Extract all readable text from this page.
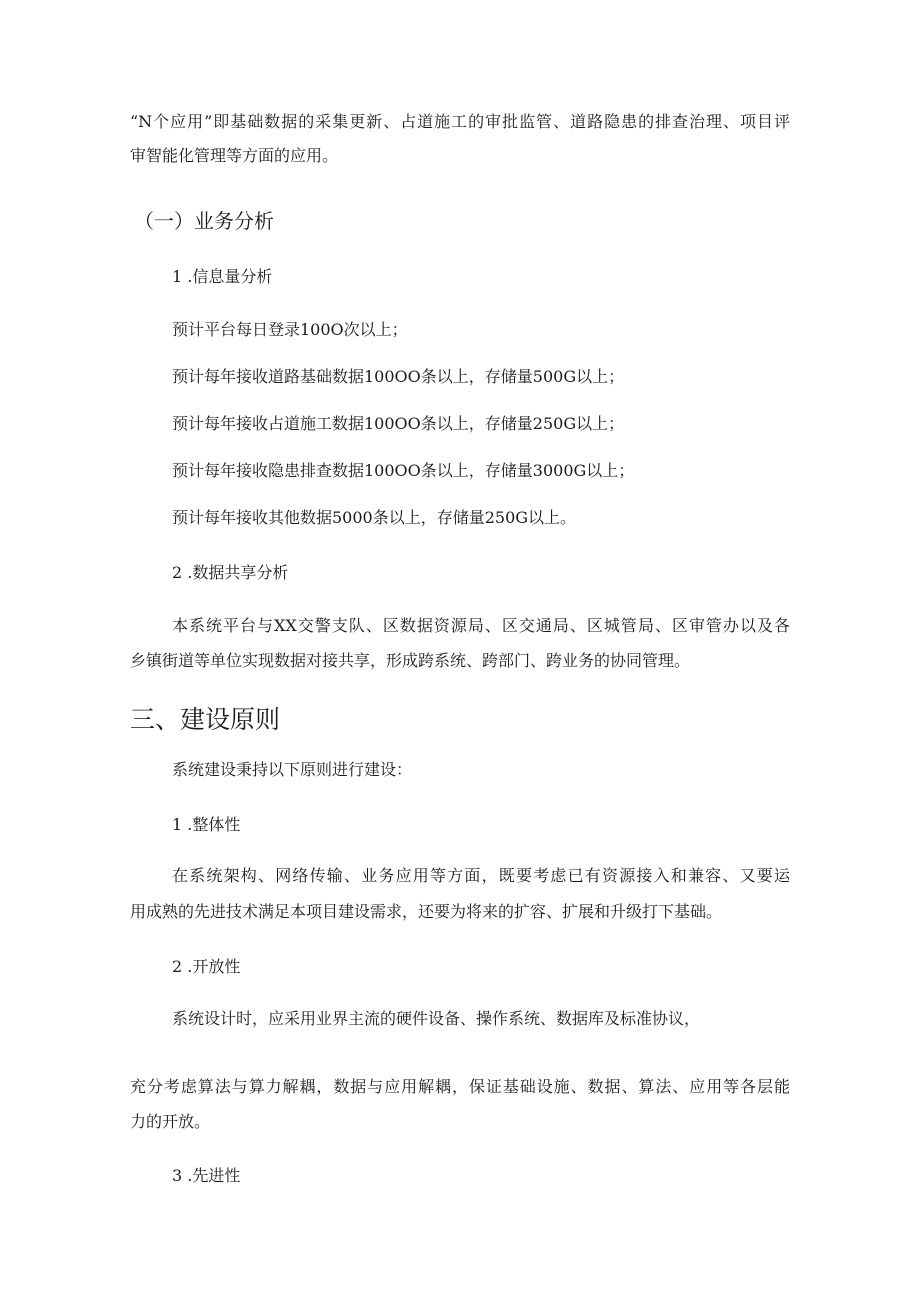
“N个应用”即基础数据的采集更新、占道施工的审批监管、道路隐患的排查治理、项目评
审智能化管理等方面的应用。
（一）业务分析
1 .信息量分析
预计平台每日登录100O次以上；
预计每年接收道路基础数据100OO条以上，存储量500G以上；
预计每年接收占道施工数据100OO条以上，存储量250G以上；
预计每年接收隐患排查数据100OO条以上，存储量3000G以上；
预计每年接收其他数据5000条以上，存储量250G以上。
2 .数据共享分析
本系统平台与XX交警支队、区数据资源局、区交通局、区城管局、区审管办以及各
乡镇街道等单位实现数据对接共享，形成跨系统、跨部门、跨业务的协同管理。
三、建设原则
系统建设秉持以下原则进行建设：
1 .整体性
在系统架构、网络传输、业务应用等方面，既要考虑已有资源接入和兼容、又要运
用成熟的先进技术满足本项目建设需求，还要为将来的扩容、扩展和升级打下基础。
2 .开放性
系统设计时，应采用业界主流的硬件设备、操作系统、数据库及标准协议，
充分考虑算法与算力解耦，数据与应用解耦，保证基础设施、数据、算法、应用等各层能
力的开放。
3 .先进性
